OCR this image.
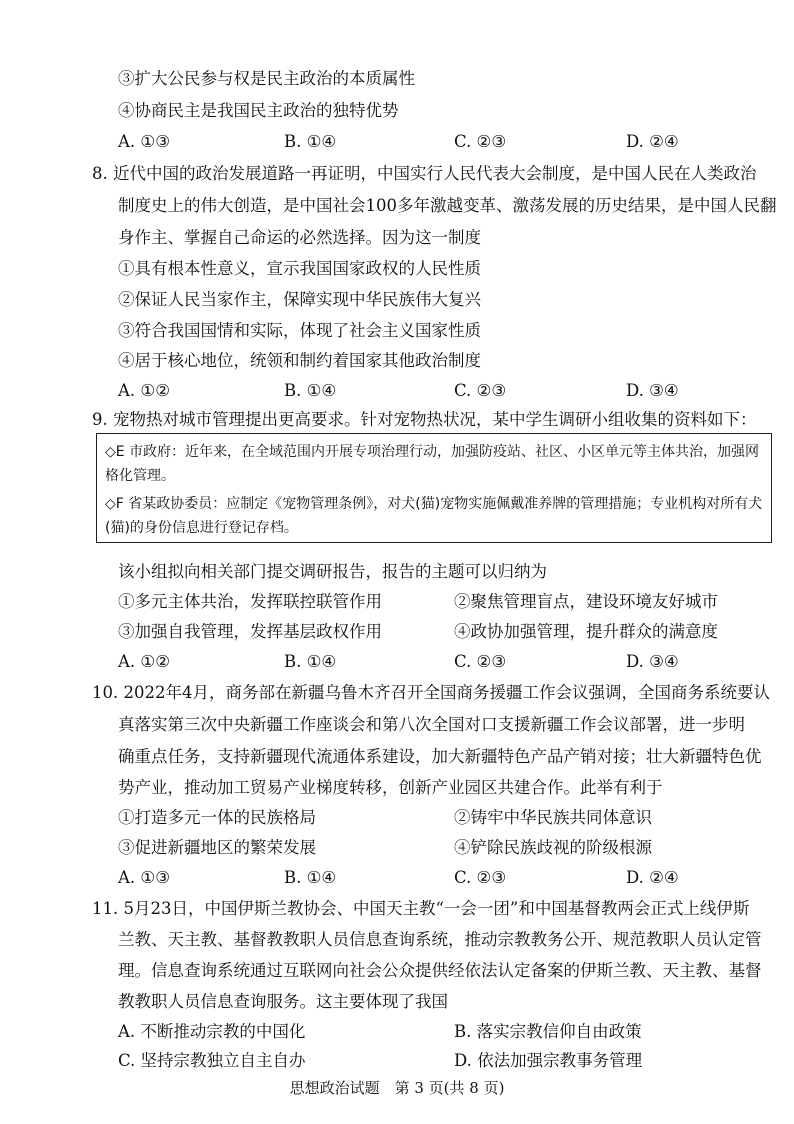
③扩大公民参与权是民主政治的本质属性
④协商民主是我国民主政治的独特优势
A. ①③	B. ①④	C. ②③	D. ②④
8. 近代中国的政治发展道路一再证明，中国实行人民代表大会制度，是中国人民在人类政治
制度史上的伟大创造，是中国社会100多年激越变革、激荡发展的历史结果，是中国人民翻
身作主、掌握自己命运的必然选择。因为这一制度
①具有根本性意义，宣示我国国家政权的人民性质
②保证人民当家作主，保障实现中华民族伟大复兴
③符合我国国情和实际，体现了社会主义国家性质
④居于核心地位，统领和制约着国家其他政治制度
A. ①②	B. ①④	C. ②③	D. ③④
9. 宠物热对城市管理提出更高要求。针对宠物热状况，某中学生调研小组收集的资料如下：

◇E 市政府：近年来，在全域范围内开展专项治理行动，加强防疫站、社区、小区单元等主体共治，加强网格化管理。

◇F 省某政协委员：应制定《宠物管理条例》，对犬(猫)宠物实施佩戴准养牌的管理措施；专业机构对所有犬(猫)的身份信息进行登记存档。

该小组拟向相关部门提交调研报告，报告的主题可以归纳为
①多元主体共治，发挥联控联管作用	②聚焦管理盲点，建设环境友好城市
③加强自我管理，发挥基层政权作用	④政协加强管理，提升群众的满意度
A. ①②	B. ①④	C. ②③	D. ③④
10. 2022年4月，商务部在新疆乌鲁木齐召开全国商务援疆工作会议强调，全国商务系统要认
真落实第三次中央新疆工作座谈会和第八次全国对口支援新疆工作会议部署，进一步明
确重点任务，支持新疆现代流通体系建设，加大新疆特色产品产销对接；壮大新疆特色优
势产业，推动加工贸易产业梯度转移，创新产业园区共建合作。此举有利于
①打造多元一体的民族格局	②铸牢中华民族共同体意识
③促进新疆地区的繁荣发展	④铲除民族歧视的阶级根源
A. ①③	B. ①④	C. ②③	D. ②④
11. 5月23日，中国伊斯兰教协会、中国天主教“一会一团”和中国基督教两会正式上线伊斯
兰教、天主教、基督教教职人员信息查询系统，推动宗教教务公开、规范教职人员认定管
理。信息查询系统通过互联网向社会公众提供经依法认定备案的伊斯兰教、天主教、基督
教教职人员信息查询服务。这主要体现了我国
A. 不断推动宗教的中国化	B. 落实宗教信仰自由政策
C. 坚持宗教独立自主自办	D. 依法加强宗教事务管理
思想政治试题　第 3 页(共 8 页)
